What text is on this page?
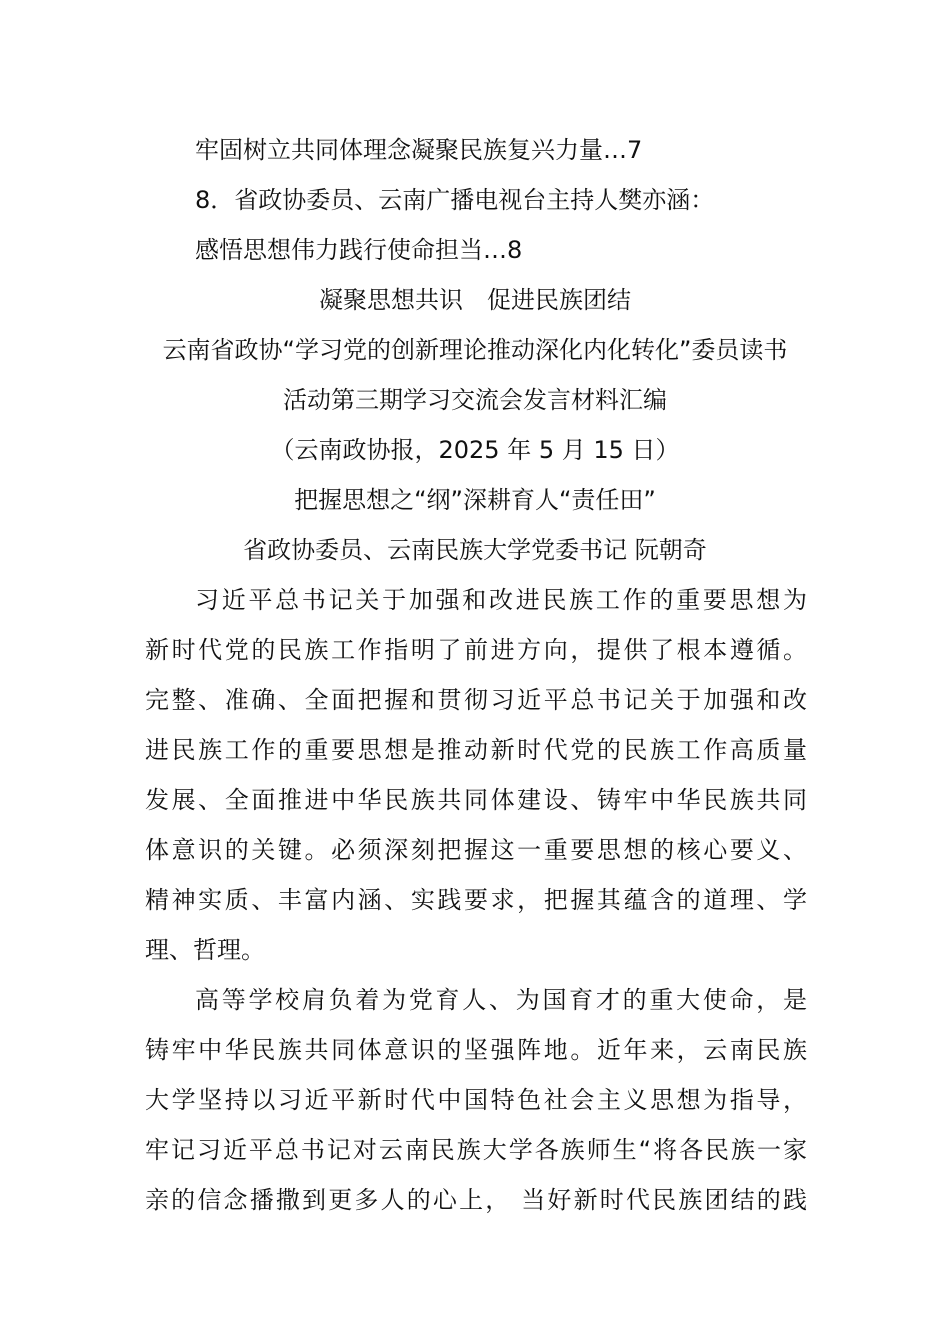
牢固树立共同体理念凝聚民族复兴力量…7
8．省政协委员、云南广播电视台主持人樊亦涵：
感悟思想伟力践行使命担当…8
凝聚思想共识　促进民族团结
云南省政协“学习党的创新理论推动深化内化转化”委员读书
活动第三期学习交流会发言材料汇编
（云南政协报，2025 年 5 月 15 日）
把握思想之“纲”深耕育人“责任田”
省政协委员、云南民族大学党委书记 阮朝奇
习近平总书记关于加强和改进民族工作的重要思想为
新时代党的民族工作指明了前进方向，提供了根本遵循。
完整、准确、全面把握和贯彻习近平总书记关于加强和改
进民族工作的重要思想是推动新时代党的民族工作高质量
发展、全面推进中华民族共同体建设、铸牢中华民族共同
体意识的关键。必须深刻把握这一重要思想的核心要义、
精神实质、丰富内涵、实践要求，把握其蕴含的道理、学
理、哲理。
高等学校肩负着为党育人、为国育才的重大使命，是
铸牢中华民族共同体意识的坚强阵地。近年来，云南民族
大学坚持以习近平新时代中国特色社会主义思想为指导，
牢记习近平总书记对云南民族大学各族师生“将各民族一家
亲的信念播撒到更多人的心上， 当好新时代民族团结的践
